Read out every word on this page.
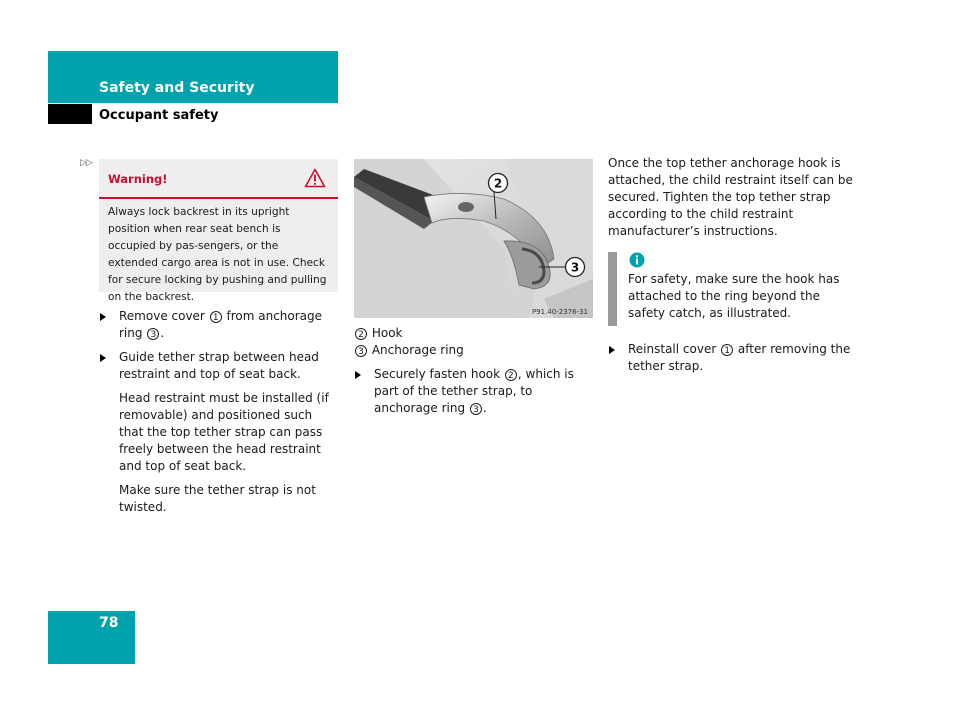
Safety and Security
Occupant safety
▷▷
Warning!
Always lock backrest in its upright position when rear seat bench is occupied by pas-sengers, or the extended cargo area is not in use. Check for secure locking by pushing and pulling on the backrest.
Remove cover 1 from anchorage ring 3 .
Guide tether strap between head restraint and top of seat back.
Head restraint must be installed (if removable) and positioned such that the top tether strap can pass freely between the head restraint and top of seat back.
Make sure the tether strap is not twisted.
2
3
P91.40-2376-31

2 Hook

3 Anchorage ring

Securely fasten hook 2 , which is part of the tether strap, to anchorage ring 3 .
Once the top tether anchorage hook is attached, the child restraint itself can be secured. Tighten the top tether strap according to the child restraint manufacturer’s instructions.
For safety, make sure the hook has attached to the ring beyond the safety catch, as illustrated.
Reinstall cover 1 after removing the tether strap.
78
